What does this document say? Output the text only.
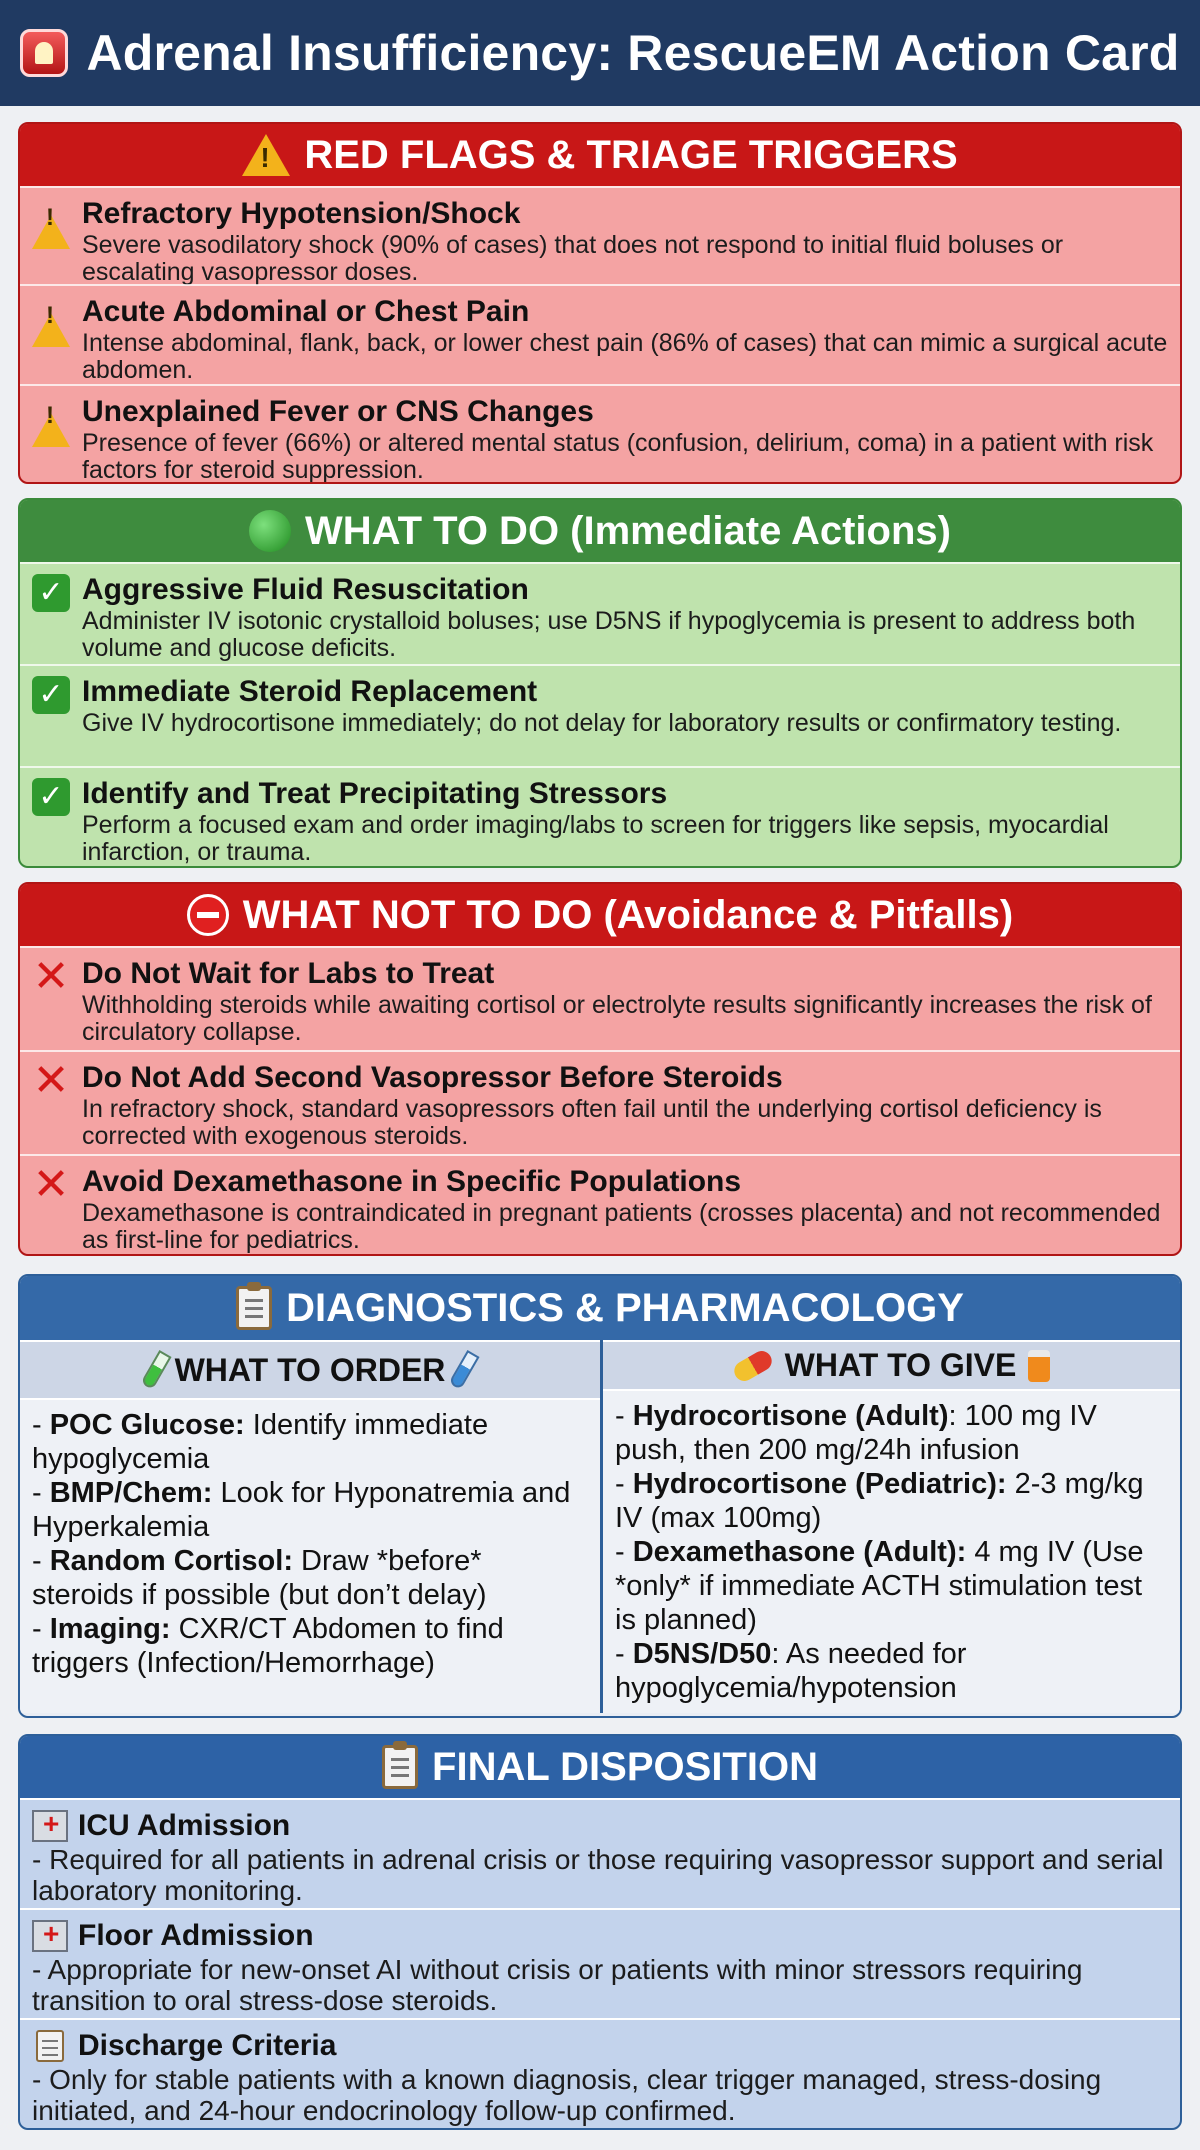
Adrenal Insufficiency: RescueEM Action Card
!
RED FLAGS & TRIAGE TRIGGERS
!
Refractory Hypotension/Shock
Severe vasodilatory shock (90% of cases) that does not respond to initial fluid boluses or escalating vasopressor doses.
!
Acute Abdominal or Chest Pain
Intense abdominal, flank, back, or lower chest pain (86% of cases) that can mimic a surgical acute abdomen.
!
Unexplained Fever or CNS Changes
Presence of fever (66%) or altered mental status (confusion, delirium, coma) in a patient with risk factors for steroid suppression.
WHAT TO DO (Immediate Actions)
✓ Aggressive Fluid Resuscitation
Administer IV isotonic crystalloid boluses; use D5NS if hypoglycemia is present to address both volume and glucose deficits.
✓ Immediate Steroid Replacement
Give IV hydrocortisone immediately; do not delay for laboratory results or confirmatory testing.
✓ Identify and Treat Precipitating Stressors
Perform a focused exam and order imaging/labs to screen for triggers like sepsis, myocardial infarction, or trauma.
WHAT NOT TO DO (Avoidance & Pitfalls)
✕ Do Not Wait for Labs to Treat
Withholding steroids while awaiting cortisol or electrolyte results significantly increases the risk of circulatory collapse.
✕ Do Not Add Second Vasopressor Before Steroids
In refractory shock, standard vasopressors often fail until the underlying cortisol deficiency is corrected with exogenous steroids.
✕ Avoid Dexamethasone in Specific Populations
Dexamethasone is contraindicated in pregnant patients (crosses placenta) and not recommended as first-line for pediatrics.
DIAGNOSTICS & PHARMACOLOGY
WHAT TO ORDER
- POC Glucose: Identify immediate hypoglycemia
- BMP/Chem: Look for Hyponatremia and Hyperkalemia
- Random Cortisol: Draw *before* steroids if possible (but don’t delay)
- Imaging: CXR/CT Abdomen to find triggers (Infection/Hemorrhage)
WHAT TO GIVE
- Hydrocortisone (Adult): 100 mg IV push, then 200 mg/24h infusion
- Hydrocortisone (Pediatric): 2-3 mg/kg IV (max 100mg)
- Dexamethasone (Adult): 4 mg IV (Use *only* if immediate ACTH stimulation test is planned)
- D5NS/D50: As needed for hypoglycemia/hypotension
FINAL DISPOSITION
+
ICU Admission
- Required for all patients in adrenal crisis or those requiring vasopressor support and serial laboratory monitoring.
+
Floor Admission
- Appropriate for new-onset AI without crisis or patients with minor stressors requiring transition to oral stress-dose steroids.
Discharge Criteria
- Only for stable patients with a known diagnosis, clear trigger managed, stress-dosing initiated, and 24-hour endocrinology follow-up confirmed.
